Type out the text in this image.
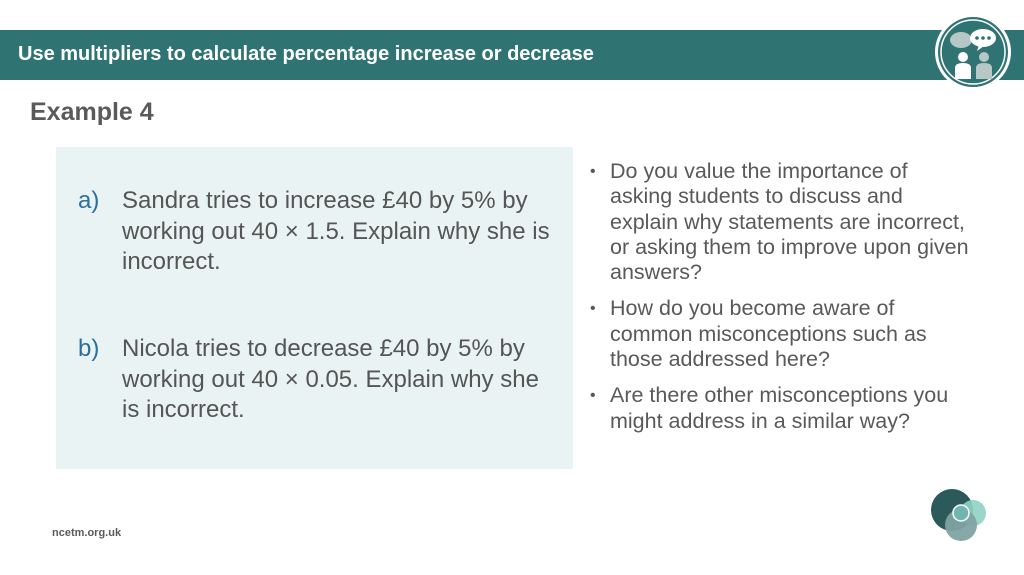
Use multipliers to calculate percentage increase or decrease
Example 4
a) Sandra tries to increase £40 by 5% by working out 40 × 1.5. Explain why she is incorrect.
b) Nicola tries to decrease £40 by 5% by working out 40 × 0.05. Explain why she is incorrect.
• Do you value the importance of asking students to discuss and explain why statements are incorrect, or asking them to improve upon given answers?
• How do you become aware of common misconceptions such as those addressed here?
• Are there other misconceptions you might address in a similar way?
ncetm.org.uk
